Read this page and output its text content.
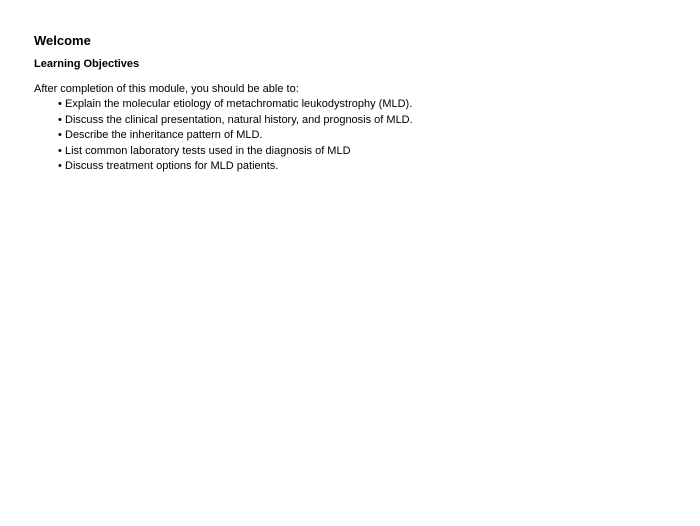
Welcome
Learning Objectives

After completion of this module, you should be able to:

• Explain the molecular etiology of metachromatic leukodystrophy (MLD).
• Discuss the clinical presentation, natural history, and prognosis of MLD.
• Describe the inheritance pattern of MLD.
• List common laboratory tests used in the diagnosis of MLD
• Discuss treatment options for MLD patients.
